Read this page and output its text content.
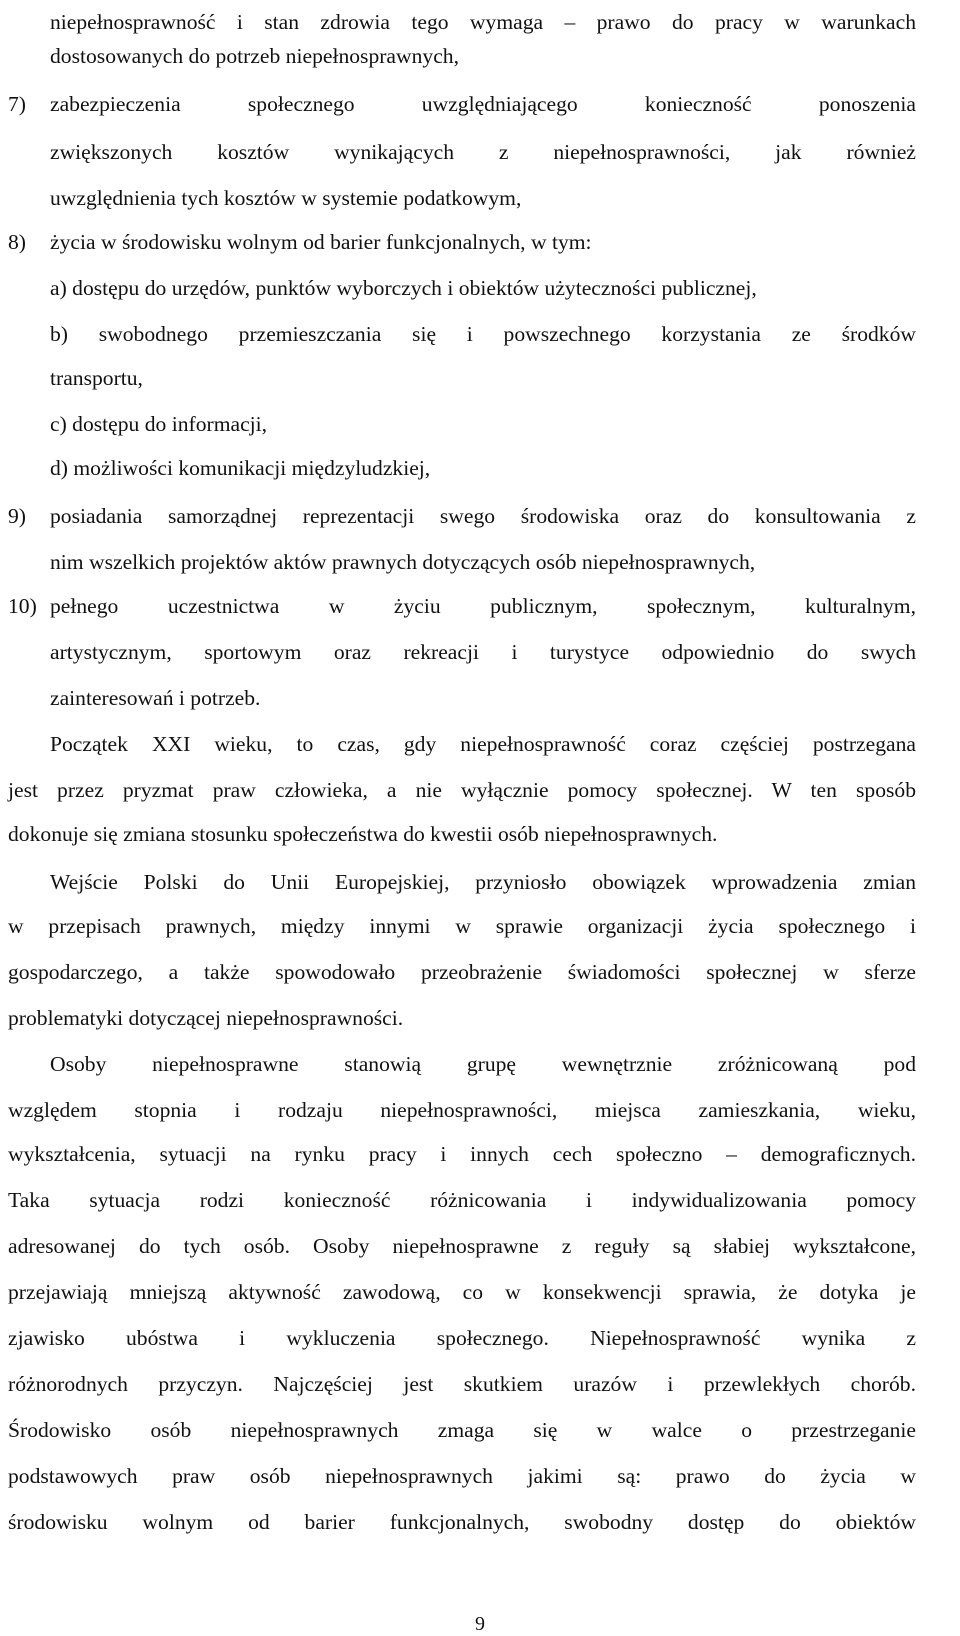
niepełnosprawność i stan zdrowia tego wymaga – prawo do pracy w warunkach
dostosowanych do potrzeb niepełnosprawnych,
7) zabezpieczenia społecznego uwzględniającego konieczność ponoszenia
zwiększonych kosztów wynikających z niepełnosprawności, jak również
uwzględnienia tych kosztów w systemie podatkowym,
8) życia w środowisku wolnym od barier funkcjonalnych, w tym:
a) dostępu do urzędów, punktów wyborczych i obiektów użyteczności publicznej,
b) swobodnego przemieszczania się i powszechnego korzystania ze środków
transportu,
c) dostępu do informacji,
d) możliwości komunikacji międzyludzkiej,
9) posiadania samorządnej reprezentacji swego środowiska oraz do konsultowania z
nim wszelkich projektów aktów prawnych dotyczących osób niepełnosprawnych,
10) pełnego uczestnictwa w życiu publicznym, społecznym, kulturalnym,
artystycznym, sportowym oraz rekreacji i turystyce odpowiednio do swych
zainteresowań i potrzeb.
Początek XXI wieku, to czas, gdy niepełnosprawność coraz częściej postrzegana
jest przez pryzmat praw człowieka, a nie wyłącznie pomocy społecznej. W ten sposób
dokonuje się zmiana stosunku społeczeństwa do kwestii osób niepełnosprawnych.
Wejście Polski do Unii Europejskiej, przyniosło obowiązek wprowadzenia zmian
w przepisach prawnych, między innymi w sprawie organizacji życia społecznego i
gospodarczego, a także spowodowało przeobrażenie świadomości społecznej w sferze
problematyki dotyczącej niepełnosprawności.
Osoby niepełnosprawne stanowią grupę wewnętrznie zróżnicowaną pod
względem stopnia i rodzaju niepełnosprawności, miejsca zamieszkania, wieku,
wykształcenia, sytuacji na rynku pracy i innych cech społeczno – demograficznych.
Taka sytuacja rodzi konieczność różnicowania i indywidualizowania pomocy
adresowanej do tych osób. Osoby niepełnosprawne z reguły są słabiej wykształcone,
przejawiają mniejszą aktywność zawodową, co w konsekwencji sprawia, że dotyka je
zjawisko ubóstwa i wykluczenia społecznego. Niepełnosprawność wynika z
różnorodnych przyczyn. Najczęściej jest skutkiem urazów i przewlekłych chorób.
Środowisko osób niepełnosprawnych zmaga się w walce o przestrzeganie
podstawowych praw osób niepełnosprawnych jakimi są: prawo do życia w
środowisku wolnym od barier funkcjonalnych, swobodny dostęp do obiektów
9
